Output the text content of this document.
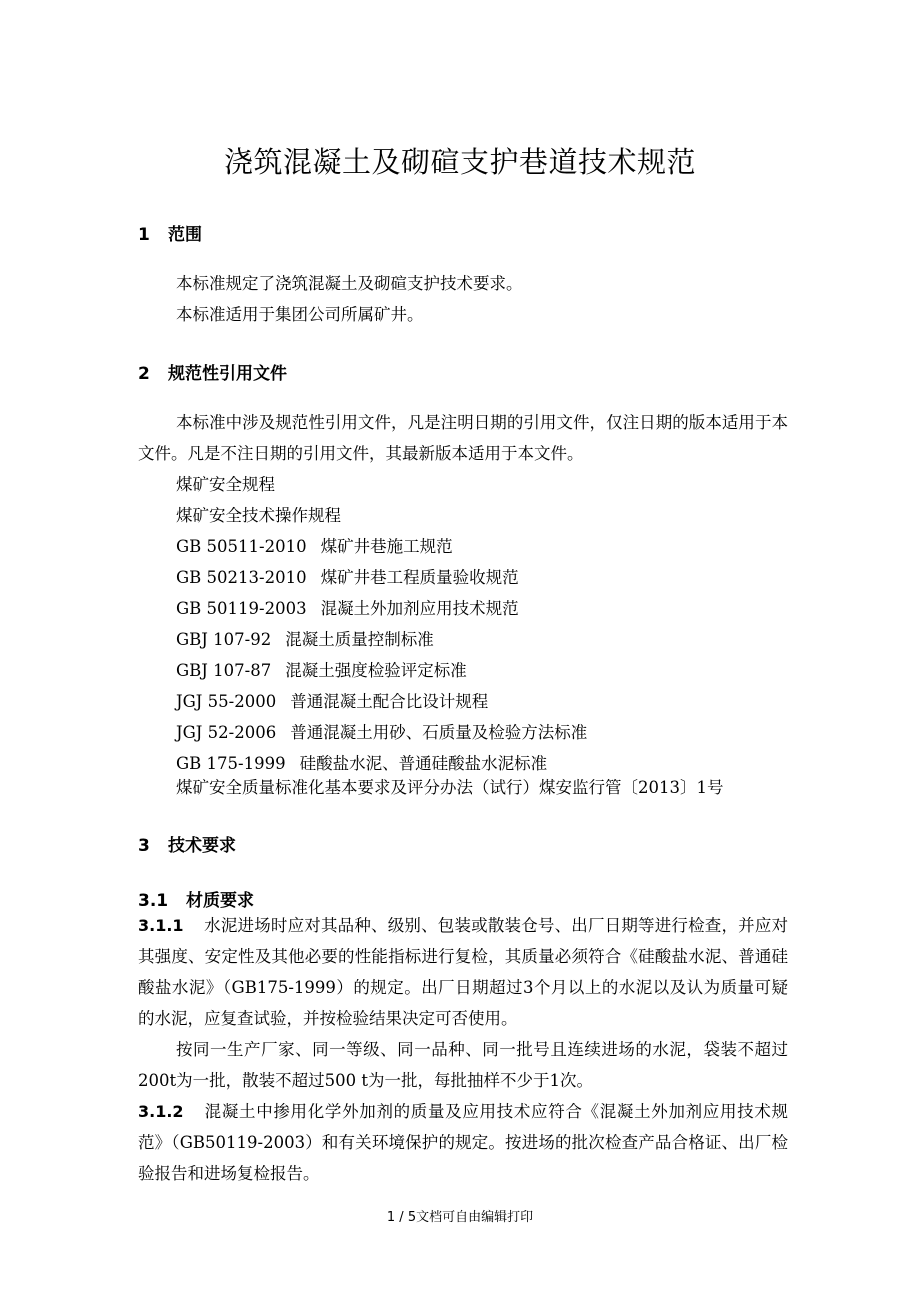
浇筑混凝土及砌碹支护巷道技术规范
1 范围
本标准规定了浇筑混凝土及砌碹支护技术要求。
本标准适用于集团公司所属矿井。
2 规范性引用文件
本标准中涉及规范性引用文件，凡是注明日期的引用文件，仅注日期的版本适用于本文件。凡是不注日期的引用文件，其最新版本适用于本文件。
煤矿安全规程
煤矿安全技术操作规程
GB 50511-2010 煤矿井巷施工规范
GB 50213-2010 煤矿井巷工程质量验收规范
GB 50119-2003 混凝土外加剂应用技术规范
GBJ 107-92 混凝土质量控制标准
GBJ 107-87 混凝土强度检验评定标准
JGJ 55-2000 普通混凝土配合比设计规程
JGJ 52-2006 普通混凝土用砂、石质量及检验方法标准
GB 175-1999 硅酸盐水泥、普通硅酸盐水泥标准
煤矿安全质量标准化基本要求及评分办法（试行）煤安监行管〔2013〕1号
3 技术要求
3.1 材质要求
3.1.1 水泥进场时应对其品种、级别、包装或散装仓号、出厂日期等进行检查，并应对其强度、安定性及其他必要的性能指标进行复检，其质量必须符合《硅酸盐水泥、普通硅酸盐水泥》（GB175-1999）的规定。出厂日期超过3个月以上的水泥以及认为质量可疑的水泥，应复查试验，并按检验结果决定可否使用。
按同一生产厂家、同一等级、同一品种、同一批号且连续进场的水泥，袋装不超过200t为一批，散装不超过500 t为一批，每批抽样不少于1次。
3.1.2 混凝土中掺用化学外加剂的质量及应用技术应符合《混凝土外加剂应用技术规范》（GB50119-2003）和有关环境保护的规定。按进场的批次检查产品合格证、出厂检验报告和进场复检报告。
1 / 5文档可自由编辑打印
